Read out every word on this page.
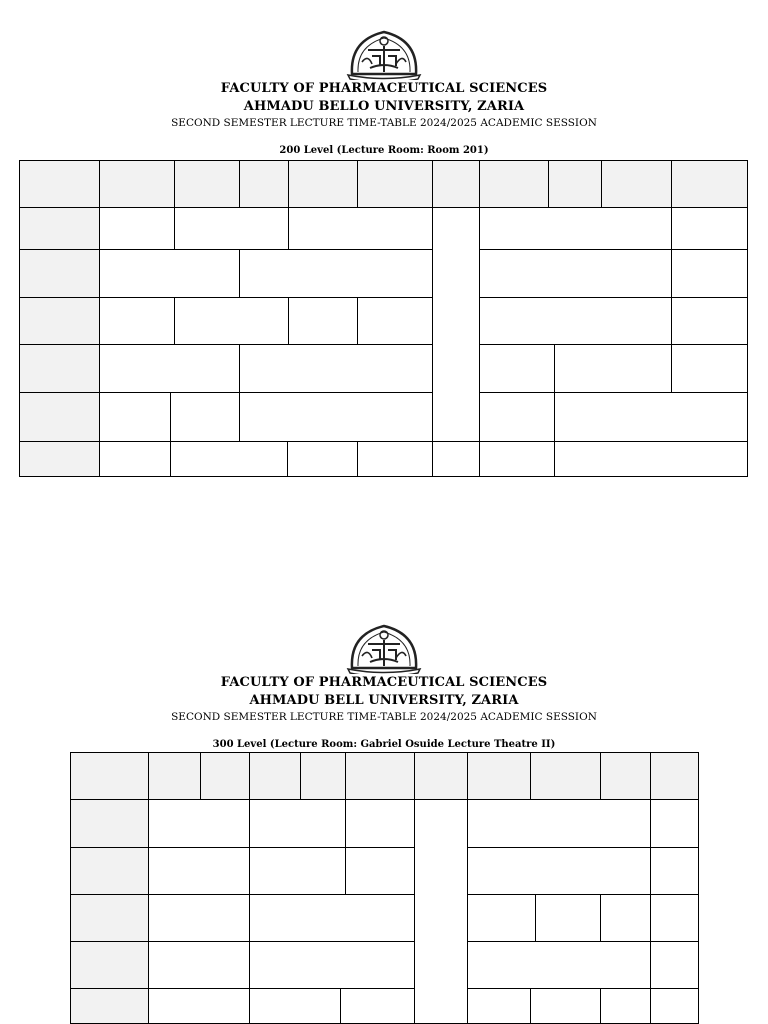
FACULTY OF PHARMACEUTICAL SCIENCES
AHMADU BELLO UNIVERSITY, ZARIA
SECOND SEMESTER LECTURE TIME-TABLE 2024/2025 ACADEMIC SESSION
200 Level (Lecture Room: Room 201)
FACULTY OF PHARMACEUTICAL SCIENCES
AHMADU BELL UNIVERSITY, ZARIA
SECOND SEMESTER LECTURE TIME-TABLE 2024/2025 ACADEMIC SESSION
300 Level (Lecture Room: Gabriel Osuide Lecture Theatre II)
